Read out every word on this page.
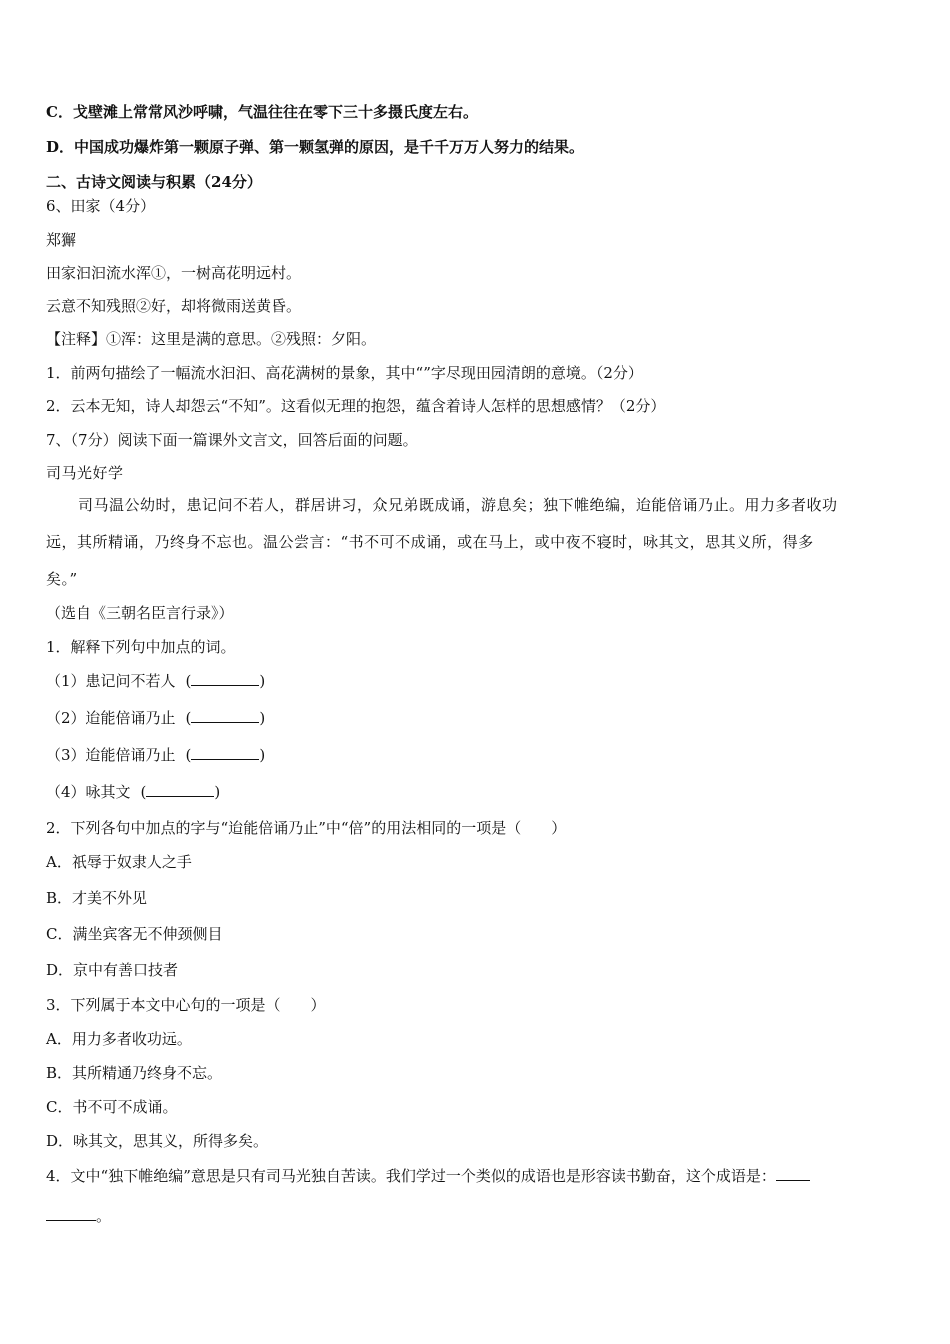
C．戈壁滩上常常风沙呼啸，气温往往在零下三十多摄氏度左右。
D．中国成功爆炸第一颗原子弹、第一颗氢弹的原因，是千千万万人努力的结果。
二、古诗文阅读与积累（24分）
6、田家（4分）
郑獬
田家汩汩流水浑①，一树高花明远村。
云意不知残照②好，却将微雨送黄昏。
【注释】①浑：这里是满的意思。②残照：夕阳。
1．前两句描绘了一幅流水汩汩、高花满树的景象，其中“”字尽现田园清朗的意境。（2分）
2．云本无知，诗人却怨云“不知”。这看似无理的抱怨，蕴含着诗人怎样的思想感情？（2分）
7、（7分）阅读下面一篇课外文言文，回答后面的问题。
司马光好学
司马温公幼时，患记问不若人，群居讲习，众兄弟既成诵，游息矣；独下帷绝编，迨能倍诵乃止。用力多者收功
远，其所精诵，乃终身不忘也。温公尝言：“书不可不成诵，或在马上，或中夜不寝时，咏其文，思其义所，得多
矣。”
（选自《三朝名臣言行录》）
1．解释下列句中加点的词。
（1）患记问不若人 (	)
（2）迨能倍诵乃止 (	)
（3）迨能倍诵乃止 (	)
（4）咏其文 (	)
2．下列各句中加点的字与“迨能倍诵乃止”中“倍”的用法相同的一项是（　　）
A．祇辱于奴隶人之手
B．才美不外见
C．满坐宾客无不伸颈侧目
D．京中有善口技者
3．下列属于本文中心句的一项是（　　）
A．用力多者收功远。
B．其所精通乃终身不忘。
C．书不可不成诵。
D．咏其文，思其义，所得多矣。
4．文中“独下帷绝编”意思是只有司马光独自苦读。我们学过一个类似的成语也是形容读书勤奋，这个成语是：
。
